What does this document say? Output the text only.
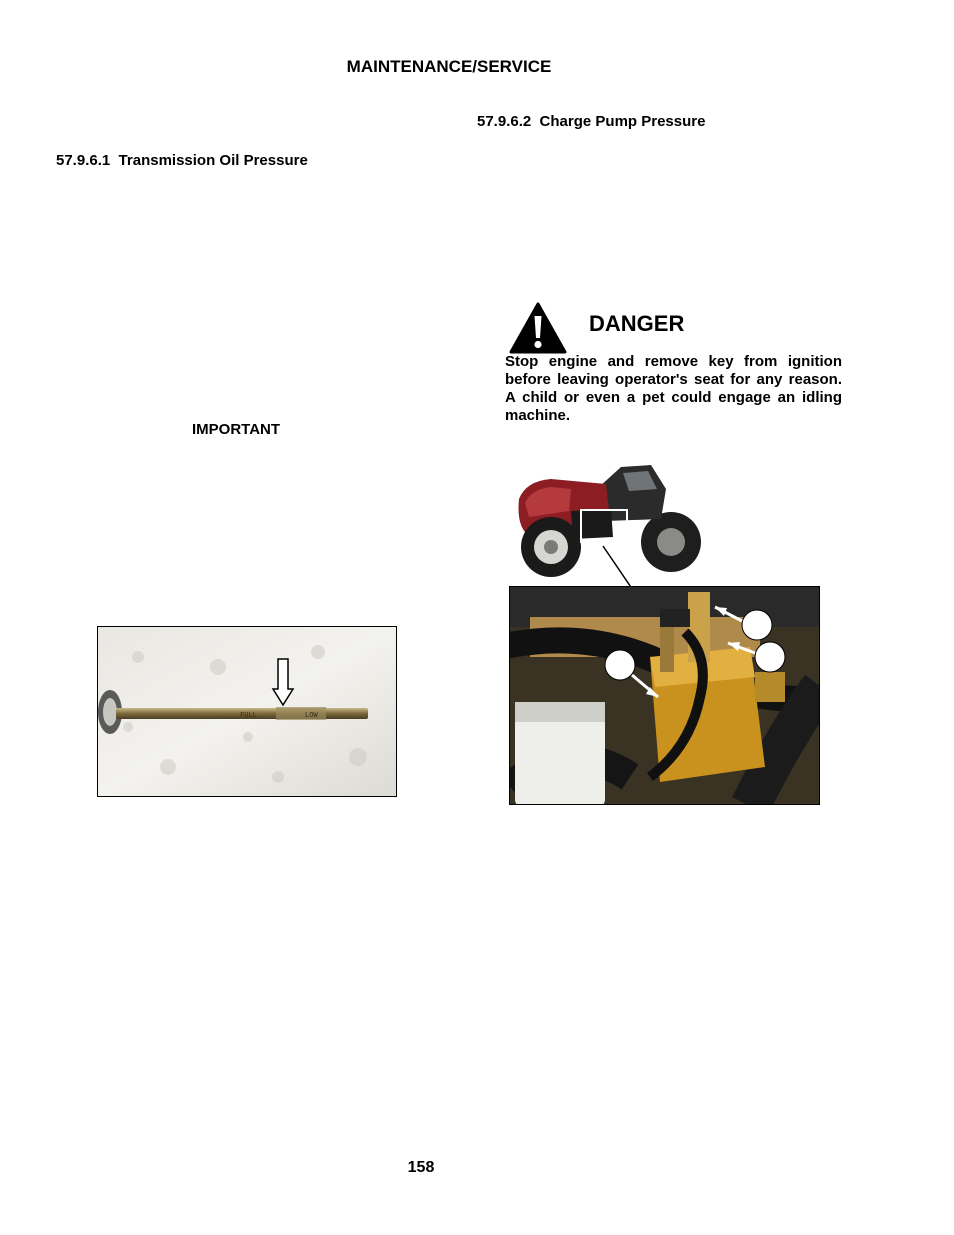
MAINTENANCE/SERVICE
57.9.6.2  Charge Pump Pressure
57.9.6.1  Transmission Oil Pressure
DANGER
Stop engine and remove key from ignition before leaving operator's seat for any reason. A child or even a pet could engage an idling machine.
IMPORTANT
FULL	LOW
158
